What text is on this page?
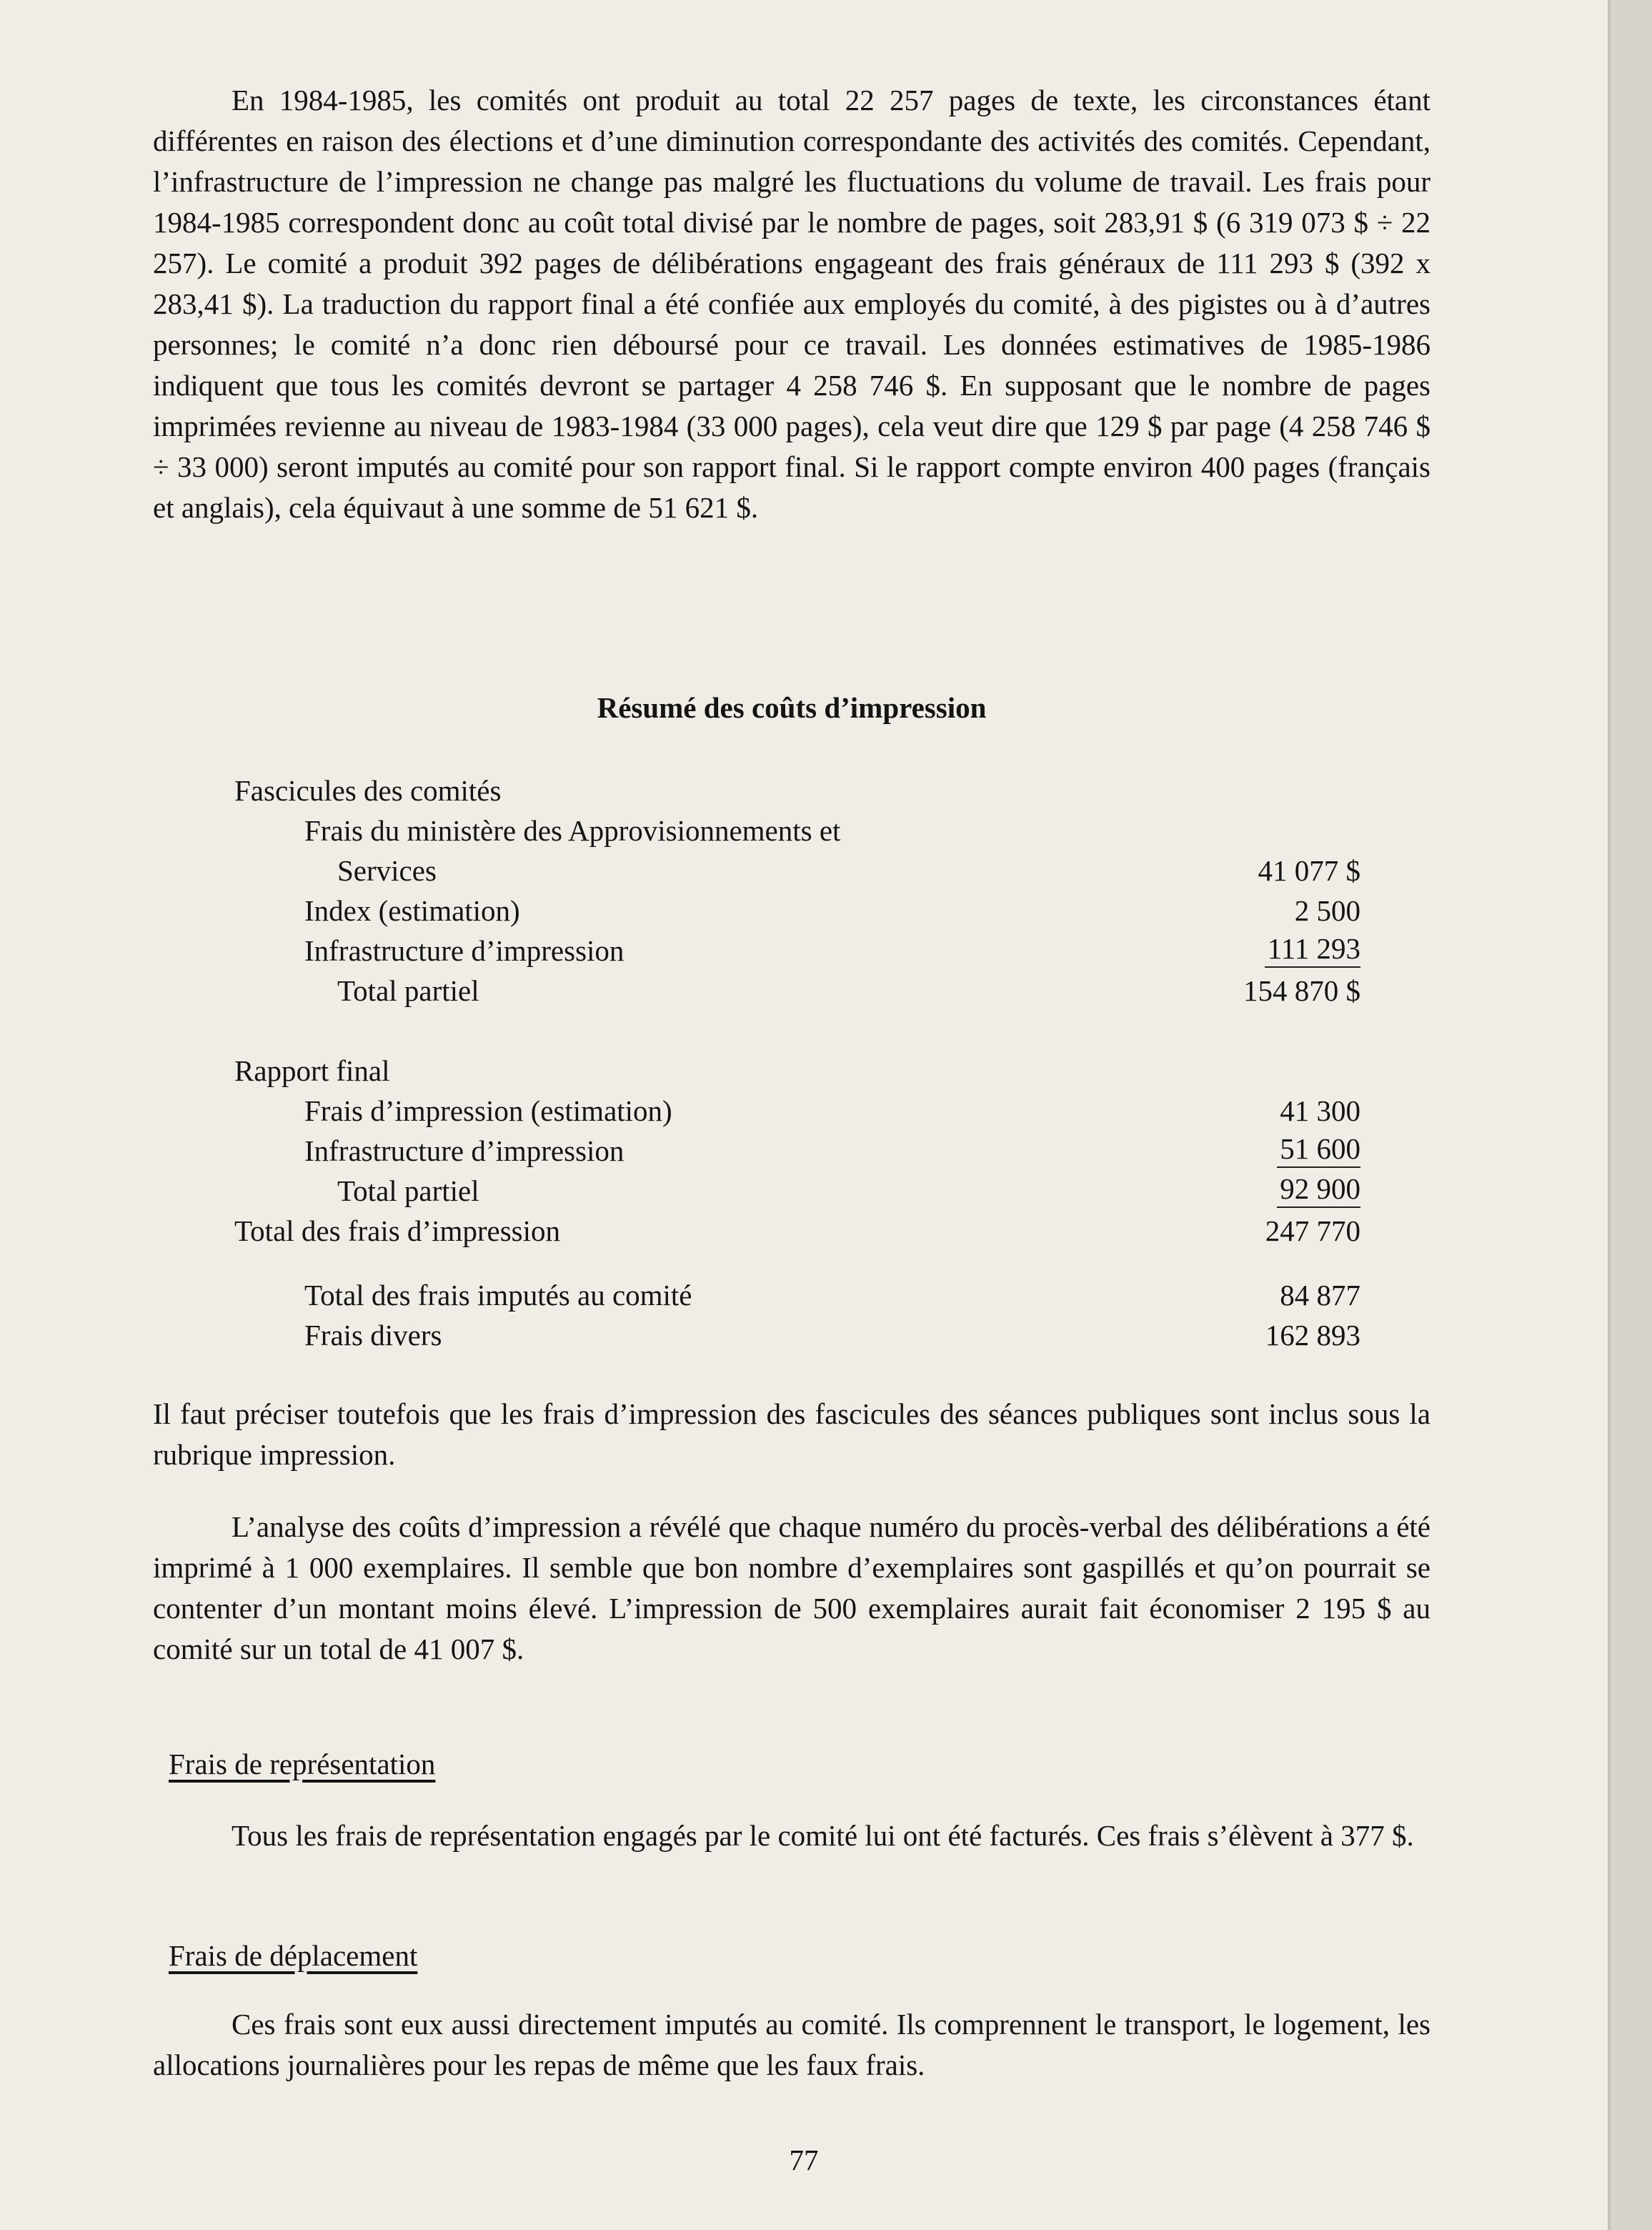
En 1984-1985, les comités ont produit au total 22 257 pages de texte, les circonstances étant différentes en raison des élections et d’une diminution correspondante des activités des comités. Cependant, l’infrastructure de l’impression ne change pas malgré les fluctuations du volume de travail. Les frais pour 1984-1985 correspondent donc au coût total divisé par le nombre de pages, soit 283,91 $ (6 319 073 $ ÷ 22 257). Le comité a produit 392 pages de délibérations engageant des frais généraux de 111 293 $ (392 x 283,41 $). La traduction du rapport final a été confiée aux employés du comité, à des pigistes ou à d’autres personnes; le comité n’a donc rien déboursé pour ce travail. Les données estimatives de 1985-1986 indiquent que tous les comités devront se partager 4 258 746 $. En supposant que le nombre de pages imprimées revienne au niveau de 1983-1984 (33 000 pages), cela veut dire que 129 $ par page (4 258 746 $ ÷ 33 000) seront imputés au comité pour son rapport final. Si le rapport compte environ 400 pages (français et anglais), cela équivaut à une somme de 51 621 $.

Résumé des coûts d’impression
Fascicules des comités
Frais du ministère des Approvisionnements et
Services	41 077 $
Index (estimation)	2 500
Infrastructure d’impression	111 293
Total partiel	154 870 $
Rapport final
Frais d’impression (estimation)	41 300
Infrastructure d’impression	51 600
Total partiel	92 900
Total des frais d’impression	247 770
Total des frais imputés au comité	84 877
Frais divers	162 893

Il faut préciser toutefois que les frais d’impression des fascicules des séances publiques sont inclus sous la rubrique impression.

L’analyse des coûts d’impression a révélé que chaque numéro du procès-verbal des délibérations a été imprimé à 1 000 exemplaires. Il semble que bon nombre d’exemplaires sont gaspillés et qu’on pourrait se contenter d’un montant moins élevé. L’impression de 500 exemplaires aurait fait économiser 2 195 $ au comité sur un total de 41 007 $.

Frais de représentation

Tous les frais de représentation engagés par le comité lui ont été facturés. Ces frais s’élèvent à 377 $.

Frais de déplacement

Ces frais sont eux aussi directement imputés au comité. Ils comprennent le transport, le logement, les allocations journalières pour les repas de même que les faux frais.

77
